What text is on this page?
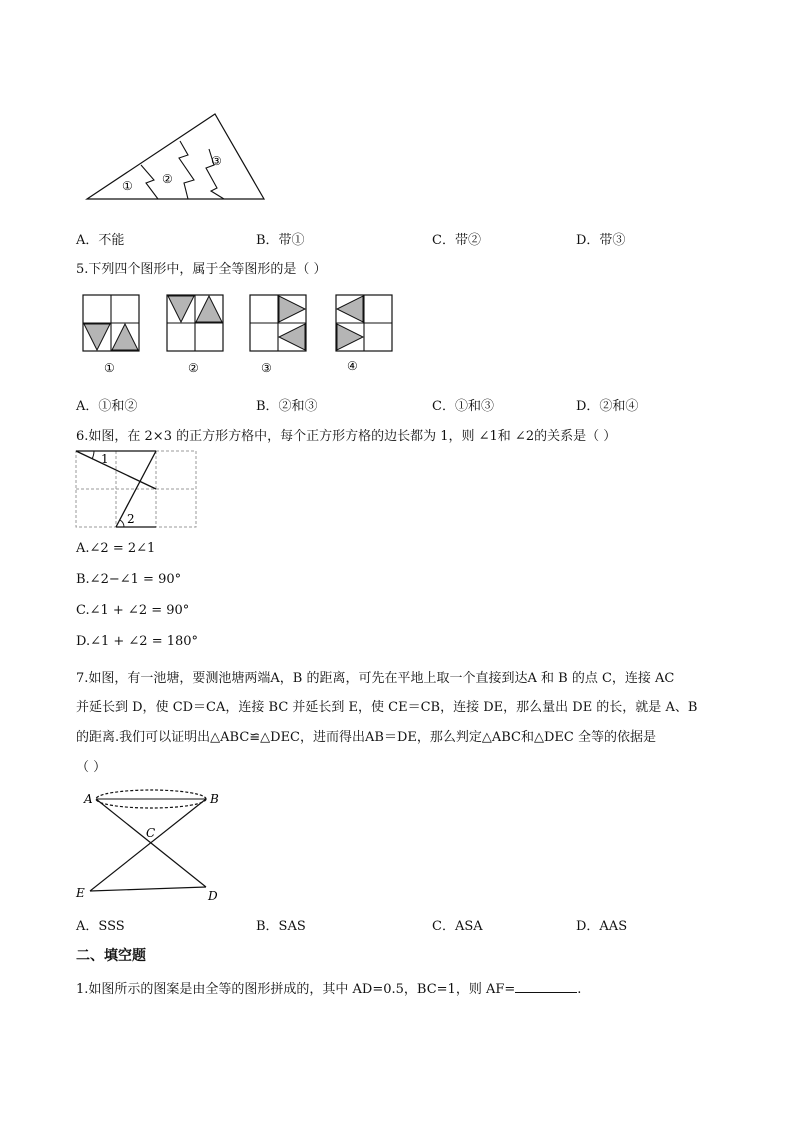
① ②
③
A．不能	B．带①	C．带②	D．带③
5.下列四个图形中，属于全等图形的是（ ）
①	②	③	④
A．①和②	B．②和③	C．①和③	D．②和④
6.如图，在 2×3 的正方形方格中，每个正方形方格的边长都为 1，则 ∠1和 ∠2的关系是（ ）
1
2
A.∠2 = 2∠1
B.∠2−∠1 = 90°
C.∠1 + ∠2 = 90°
D.∠1 + ∠2 = 180°
7.如图，有一池塘，要测池塘两端A，B 的距离，可先在平地上取一个直接到达A 和 B 的点 C，连接 AC
并延长到 D，使 CD＝CA，连接 BC 并延长到 E，使 CE＝CB，连接 DE，那么量出 DE 的长，就是 A、B
的距离.我们可以证明出△ABC≌△DEC，进而得出AB＝DE，那么判定△ABC和△DEC 全等的依据是
（ ）
A	B
C
E	D
A．SSS	B．SAS	C．ASA	D．AAS
二、填空题
1.如图所示的图案是由全等的图形拼成的，其中 AD=0.5，BC=1，则 AF=	.
